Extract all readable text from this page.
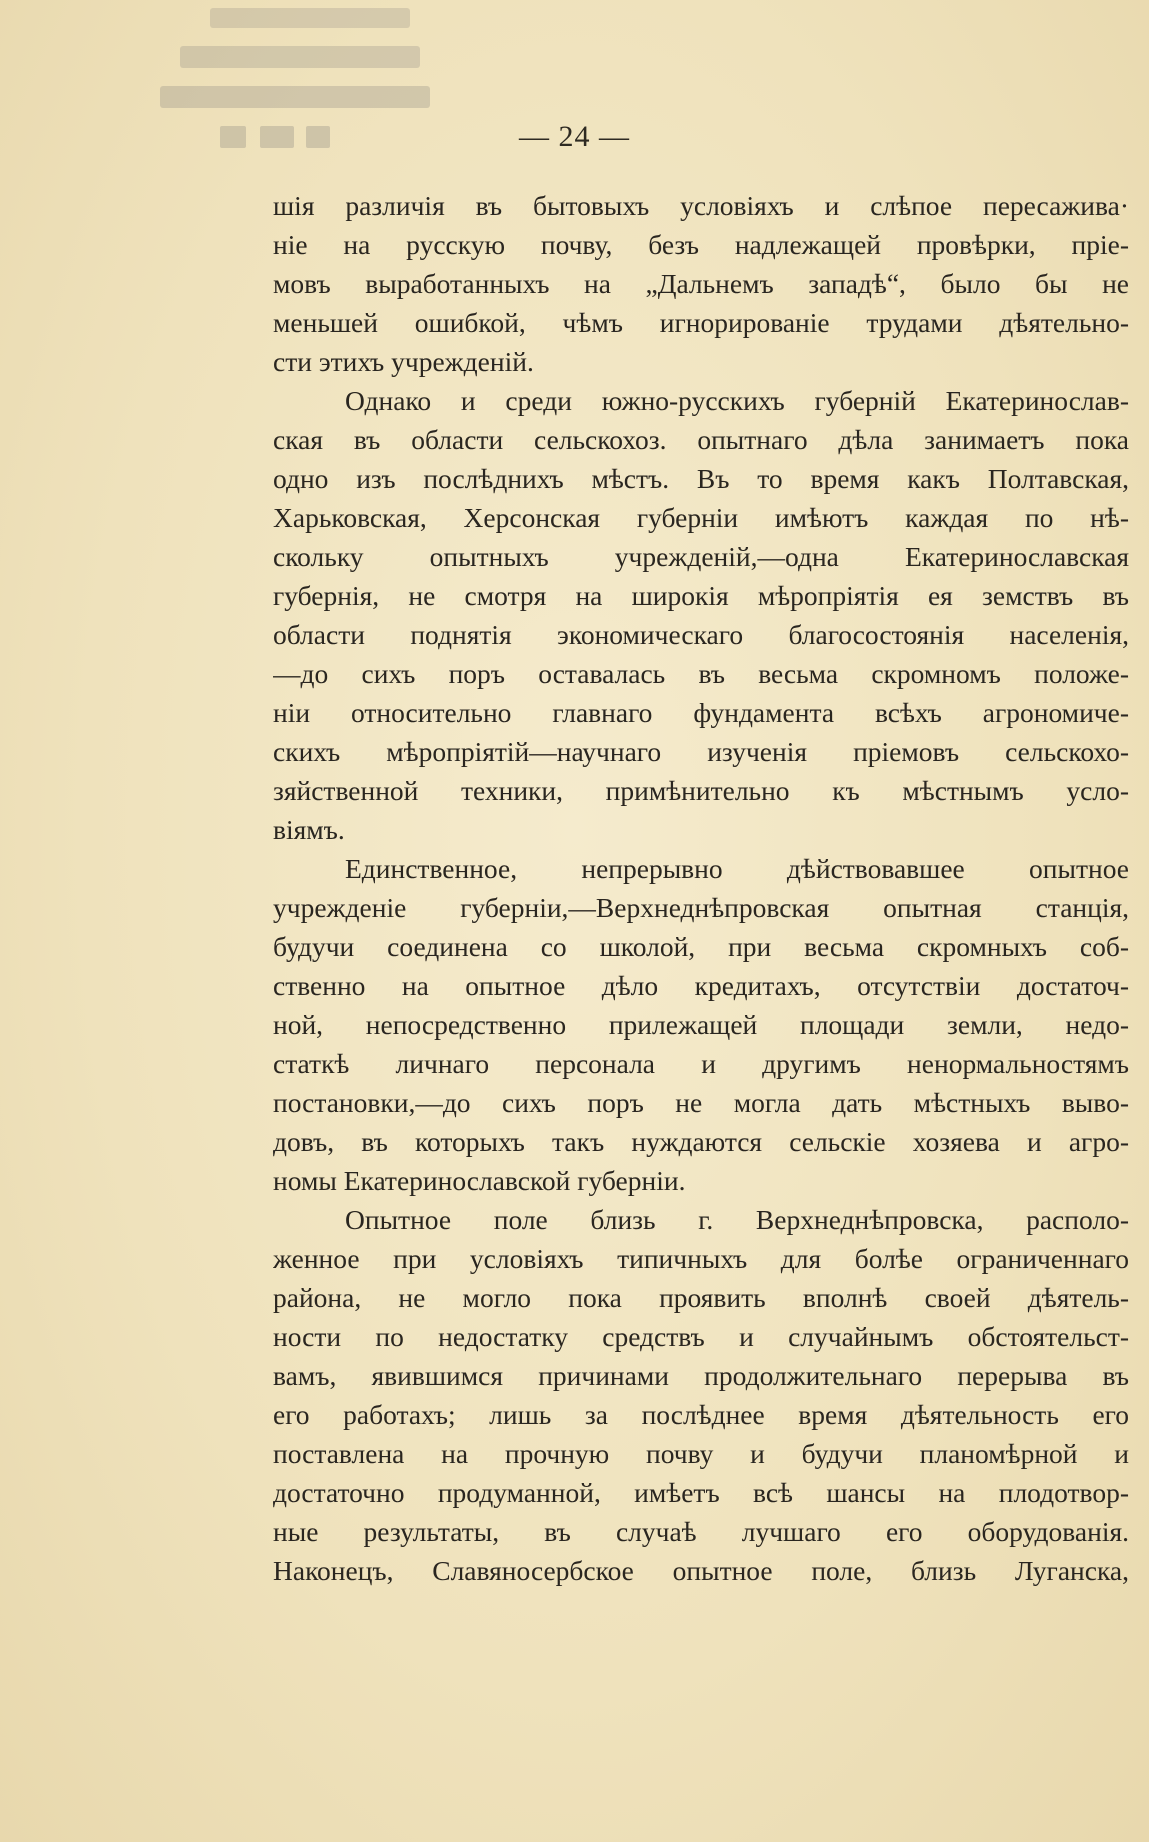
— 24 —
шія различія въ бытовыхъ условіяхъ и слѣпое пересажива·
ніе на русскую почву, безъ надлежащей провѣрки, пріе-
мовъ выработанныхъ на „Дальнемъ западѣ“, было бы не
меньшей ошибкой, чѣмъ игнорированіе трудами дѣятельно-
сти этихъ учрежденій.
Однако и среди южно-русскихъ губерній Екатеринослав-
ская въ области сельскохоз. опытнаго дѣла занимаетъ пока
одно изъ послѣднихъ мѣстъ. Въ то время какъ Полтавская,
Харьковская, Херсонская губерніи имѣютъ каждая по нѣ-
скольку опытныхъ учрежденій,—одна Екатеринославская
губернія, не смотря на широкія мѣропріятія ея земствъ въ
области поднятія экономическаго благосостоянія населенія,
—до сихъ поръ оставалась въ весьма скромномъ положе-
ніи относительно главнаго фундамента всѣхъ агрономиче-
скихъ мѣропріятій—научнаго изученія пріемовъ сельскохо-
зяйственной техники, примѣнительно къ мѣстнымъ усло-
віямъ.
Единственное, непрерывно дѣйствовавшее опытное
учрежденіе губерніи,—Верхнеднѣпровская опытная станція,
будучи соединена со школой, при весьма скромныхъ соб-
ственно на опытное дѣло кредитахъ, отсутствіи достаточ-
ной, непосредственно прилежащей площади земли, недо-
статкѣ личнаго персонала и другимъ ненормальностямъ
постановки,—до сихъ поръ не могла дать мѣстныхъ выво-
довъ, въ которыхъ такъ нуждаются сельскіе хозяева и агро-
номы Екатеринославской губерніи.
Опытное поле близь г. Верхнеднѣпровска, располо-
женное при условіяхъ типичныхъ для болѣе ограниченнаго
района, не могло пока проявить вполнѣ своей дѣятель-
ности по недостатку средствъ и случайнымъ обстоятельст-
вамъ, явившимся причинами продолжительнаго перерыва въ
его работахъ; лишь за послѣднее время дѣятельность его
поставлена на прочную почву и будучи планомѣрной и
достаточно продуманной, имѣетъ всѣ шансы на плодотвор-
ные результаты, въ случаѣ лучшаго его оборудованія.
Наконецъ, Славяносербское опытное поле, близь Луганска,
